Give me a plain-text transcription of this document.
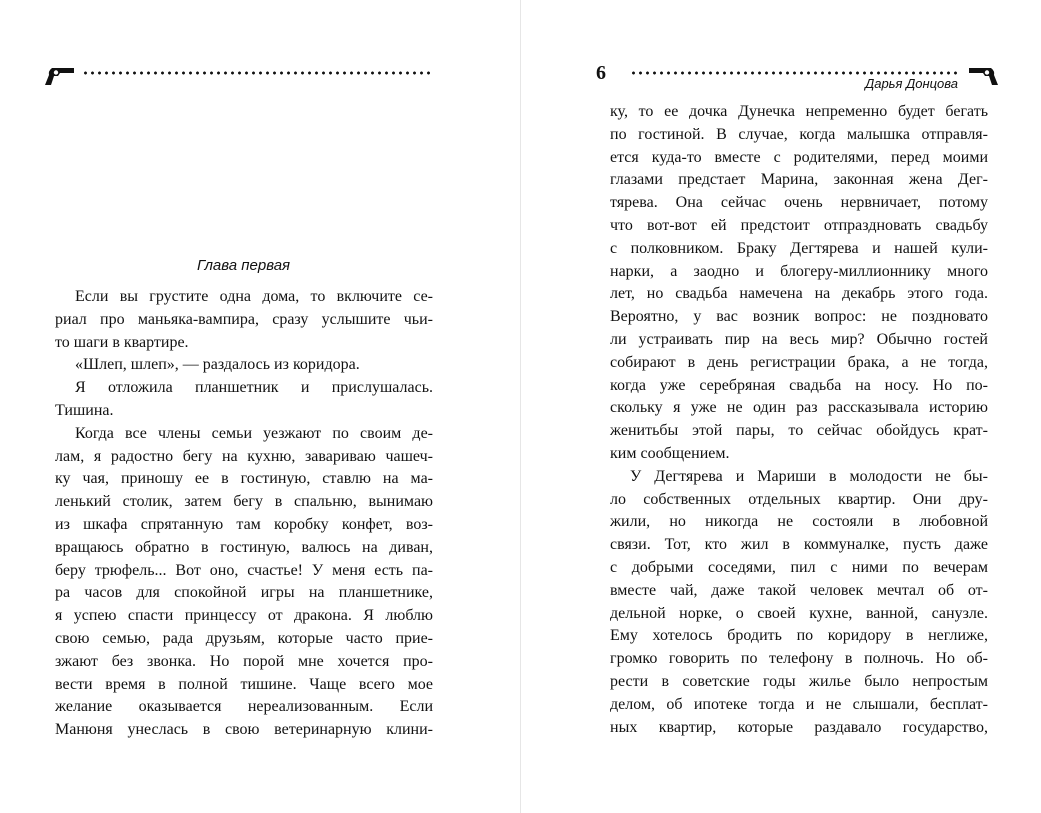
6	Дарья Донцова
Глава первая
Если вы грустите одна дома, то включите се-
риал про маньяка-вампира, сразу услышите чьи-
то шаги в квартире.
«Шлеп, шлеп», — раздалось из коридора.
Я отложила планшетник и прислушалась.
Тишина.
Когда все члены семьи уезжают по своим де-
лам, я радостно бегу на кухню, завариваю чашеч-
ку чая, приношу ее в гостиную, ставлю на ма-
ленький столик, затем бегу в спальню, вынимаю
из шкафа спрятанную там коробку конфет, воз-
вращаюсь обратно в гостиную, валюсь на диван,
беру трюфель... Вот оно, счастье! У меня есть па-
ра часов для спокойной игры на планшетнике,
я успею спасти принцессу от дракона. Я люблю
свою семью, рада друзьям, которые часто прие-
зжают без звонка. Но порой мне хочется про-
вести время в полной тишине. Чаще всего мое
желание оказывается нереализованным. Если
Манюня унеслась в свою ветеринарную клини-
ку, то ее дочка Дунечка непременно будет бегать
по гостиной. В случае, когда малышка отправля-
ется куда-то вместе с родителями, перед моими
глазами предстает Марина, законная жена Дег-
тярева. Она сейчас очень нервничает, потому
что вот-вот ей предстоит отпраздновать свадьбу
с полковником. Браку Дегтярева и нашей кули-
нарки, а заодно и блогеру-миллионнику много
лет, но свадьба намечена на декабрь этого года.
Вероятно, у вас возник вопрос: не поздновато
ли устраивать пир на весь мир? Обычно гостей
собирают в день регистрации брака, а не тогда,
когда уже серебряная свадьба на носу. Но по-
скольку я уже не один раз рассказывала историю
женитьбы этой пары, то сейчас обойдусь крат-
ким сообщением.
У Дегтярева и Мариши в молодости не бы-
ло собственных отдельных квартир. Они дру-
жили, но никогда не состояли в любовной
связи. Тот, кто жил в коммуналке, пусть даже
с добрыми соседями, пил с ними по вечерам
вместе чай, даже такой человек мечтал об от-
дельной норке, о своей кухне, ванной, санузле.
Ему хотелось бродить по коридору в неглиже,
громко говорить по телефону в полночь. Но об-
рести в советские годы жилье было непростым
делом, об ипотеке тогда и не слышали, бесплат-
ных квартир, которые раздавало государство,
